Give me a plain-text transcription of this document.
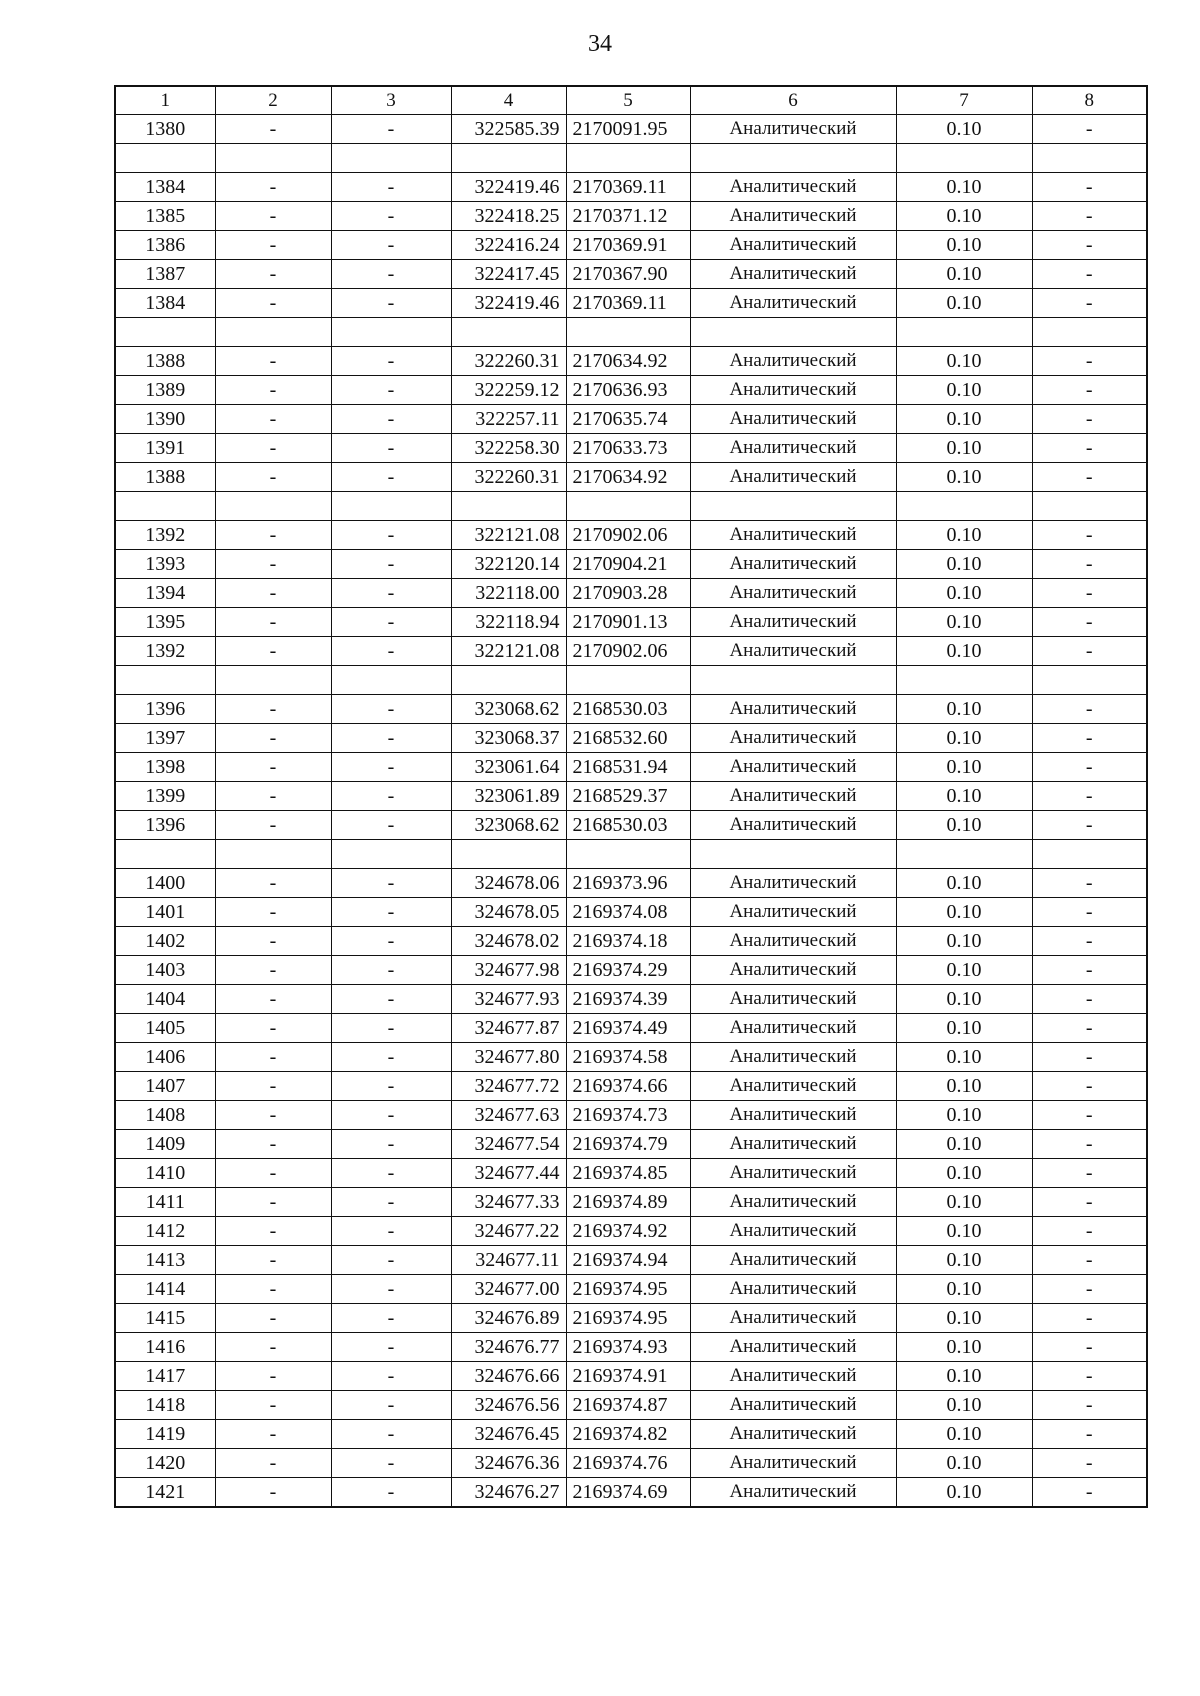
34
1	2	3	4	5	6	7	8
1380	-	-	322585.39	2170091.95	Аналитический	0.10	-

1384	-	-	322419.46	2170369.11	Аналитический	0.10	-
1385	-	-	322418.25	2170371.12	Аналитический	0.10	-
1386	-	-	322416.24	2170369.91	Аналитический	0.10	-
1387	-	-	322417.45	2170367.90	Аналитический	0.10	-
1384	-	-	322419.46	2170369.11	Аналитический	0.10	-

1388	-	-	322260.31	2170634.92	Аналитический	0.10	-
1389	-	-	322259.12	2170636.93	Аналитический	0.10	-
1390	-	-	322257.11	2170635.74	Аналитический	0.10	-
1391	-	-	322258.30	2170633.73	Аналитический	0.10	-
1388	-	-	322260.31	2170634.92	Аналитический	0.10	-

1392	-	-	322121.08	2170902.06	Аналитический	0.10	-
1393	-	-	322120.14	2170904.21	Аналитический	0.10	-
1394	-	-	322118.00	2170903.28	Аналитический	0.10	-
1395	-	-	322118.94	2170901.13	Аналитический	0.10	-
1392	-	-	322121.08	2170902.06	Аналитический	0.10	-

1396	-	-	323068.62	2168530.03	Аналитический	0.10	-
1397	-	-	323068.37	2168532.60	Аналитический	0.10	-
1398	-	-	323061.64	2168531.94	Аналитический	0.10	-
1399	-	-	323061.89	2168529.37	Аналитический	0.10	-
1396	-	-	323068.62	2168530.03	Аналитический	0.10	-

1400	-	-	324678.06	2169373.96	Аналитический	0.10	-
1401	-	-	324678.05	2169374.08	Аналитический	0.10	-
1402	-	-	324678.02	2169374.18	Аналитический	0.10	-
1403	-	-	324677.98	2169374.29	Аналитический	0.10	-
1404	-	-	324677.93	2169374.39	Аналитический	0.10	-
1405	-	-	324677.87	2169374.49	Аналитический	0.10	-
1406	-	-	324677.80	2169374.58	Аналитический	0.10	-
1407	-	-	324677.72	2169374.66	Аналитический	0.10	-
1408	-	-	324677.63	2169374.73	Аналитический	0.10	-
1409	-	-	324677.54	2169374.79	Аналитический	0.10	-
1410	-	-	324677.44	2169374.85	Аналитический	0.10	-
1411	-	-	324677.33	2169374.89	Аналитический	0.10	-
1412	-	-	324677.22	2169374.92	Аналитический	0.10	-
1413	-	-	324677.11	2169374.94	Аналитический	0.10	-
1414	-	-	324677.00	2169374.95	Аналитический	0.10	-
1415	-	-	324676.89	2169374.95	Аналитический	0.10	-
1416	-	-	324676.77	2169374.93	Аналитический	0.10	-
1417	-	-	324676.66	2169374.91	Аналитический	0.10	-
1418	-	-	324676.56	2169374.87	Аналитический	0.10	-
1419	-	-	324676.45	2169374.82	Аналитический	0.10	-
1420	-	-	324676.36	2169374.76	Аналитический	0.10	-
1421	-	-	324676.27	2169374.69	Аналитический	0.10	-
